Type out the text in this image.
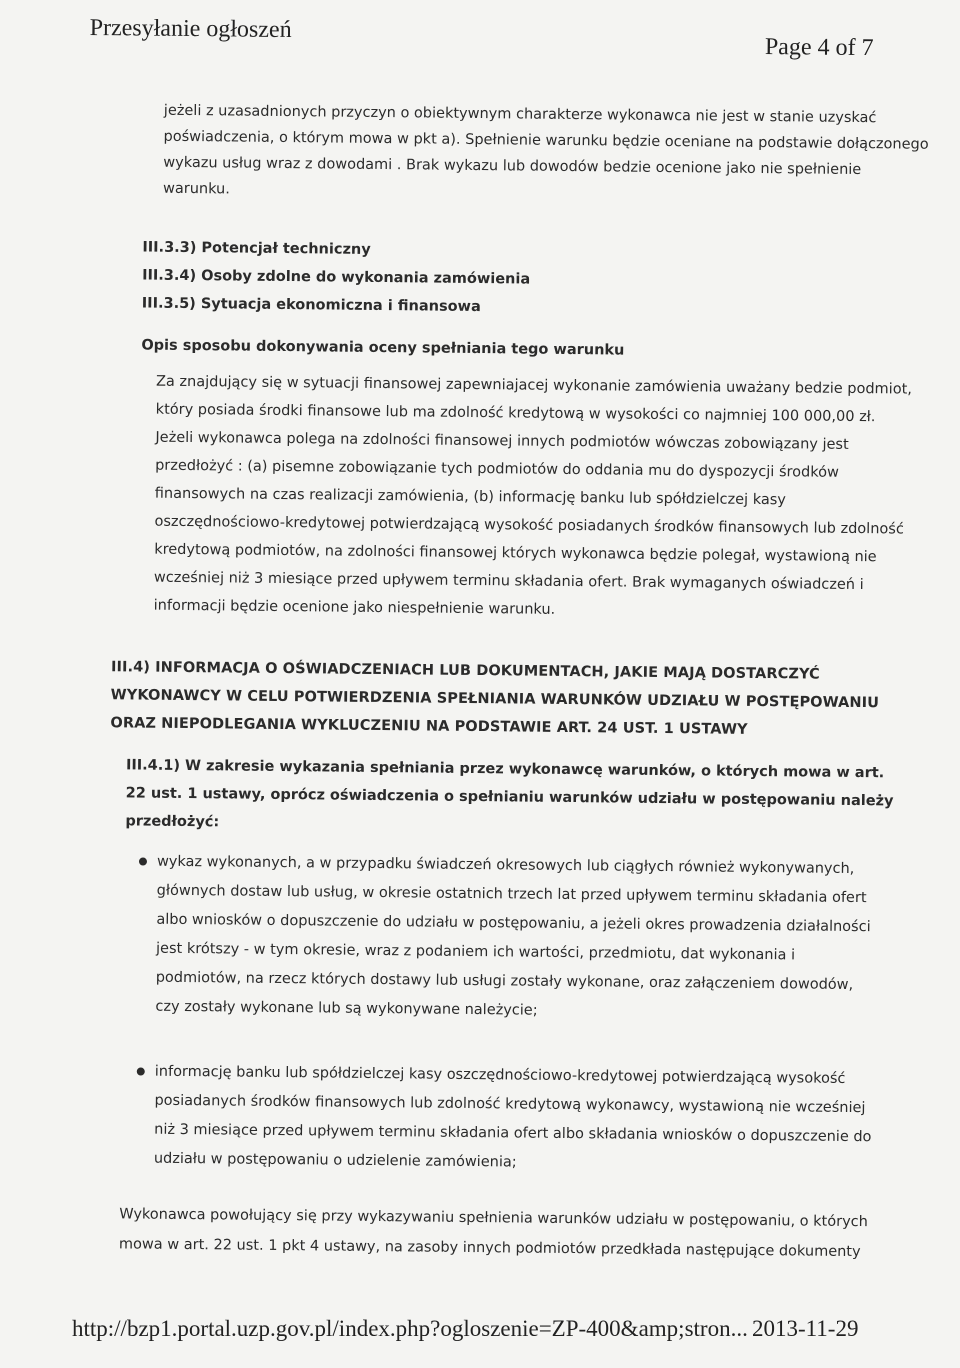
Przesyłanie ogłoszeń
Page 4 of 7
jeżeli z uzasadnionych przyczyn o obiektywnym charakterze wykonawca nie jest w stanie uzyskać
poświadczenia, o którym mowa w pkt a). Spełnienie warunku będzie oceniane na podstawie dołączonego
wykazu usług wraz z dowodami . Brak wykazu lub dowodów bedzie ocenione jako nie spełnienie
warunku.
III.3.3) Potencjał techniczny
III.3.4) Osoby zdolne do wykonania zamówienia
III.3.5) Sytuacja ekonomiczna i finansowa
Opis sposobu dokonywania oceny spełniania tego warunku
Za znajdujący się w sytuacji finansowej zapewniajacej wykonanie zamówienia uważany bedzie podmiot,
który posiada środki finansowe lub ma zdolność kredytową w wysokości co najmniej 100 000,00 zł.
Jeżeli wykonawca polega na zdolności finansowej innych podmiotów wówczas zobowiązany jest
przedłożyć : (a) pisemne zobowiązanie tych podmiotów do oddania mu do dyspozycji środków
finansowych na czas realizacji zamówienia, (b) informację banku lub spółdzielczej kasy
oszczędnościowo-kredytowej potwierdzającą wysokość posiadanych środków finansowych lub zdolność
kredytową podmiotów, na zdolności finansowej których wykonawca będzie polegał, wystawioną nie
wcześniej niż 3 miesiące przed upływem terminu składania ofert. Brak wymaganych oświadczeń i
informacji będzie ocenione jako niespełnienie warunku.
III.4) INFORMACJA O OŚWIADCZENIACH LUB DOKUMENTACH, JAKIE MAJĄ DOSTARCZYĆ
WYKONAWCY W CELU POTWIERDZENIA SPEŁNIANIA WARUNKÓW UDZIAŁU W POSTĘPOWANIU
ORAZ NIEPODLEGANIA WYKLUCZENIU NA PODSTAWIE ART. 24 UST. 1 USTAWY
III.4.1) W zakresie wykazania spełniania przez wykonawcę warunków, o których mowa w art.
22 ust. 1 ustawy, oprócz oświadczenia o spełnianiu warunków udziału w postępowaniu należy
przedłożyć:
wykaz wykonanych, a w przypadku świadczeń okresowych lub ciągłych również wykonywanych,
głównych dostaw lub usług, w okresie ostatnich trzech lat przed upływem terminu składania ofert
albo wniosków o dopuszczenie do udziału w postępowaniu, a jeżeli okres prowadzenia działalności
jest krótszy - w tym okresie, wraz z podaniem ich wartości, przedmiotu, dat wykonania i
podmiotów, na rzecz których dostawy lub usługi zostały wykonane, oraz załączeniem dowodów,
czy zostały wykonane lub są wykonywane należycie;
informację banku lub spółdzielczej kasy oszczędnościowo-kredytowej potwierdzającą wysokość
posiadanych środków finansowych lub zdolność kredytową wykonawcy, wystawioną nie wcześniej
niż 3 miesiące przed upływem terminu składania ofert albo składania wniosków o dopuszczenie do
udziału w postępowaniu o udzielenie zamówienia;
Wykonawca powołujący się przy wykazywaniu spełnienia warunków udziału w postępowaniu, o których
mowa w art. 22 ust. 1 pkt 4 ustawy, na zasoby innych podmiotów przedkłada następujące dokumenty
http://bzp1.portal.uzp.gov.pl/index.php?ogloszenie=ZP-400&amp;stron... 2013-11-29
